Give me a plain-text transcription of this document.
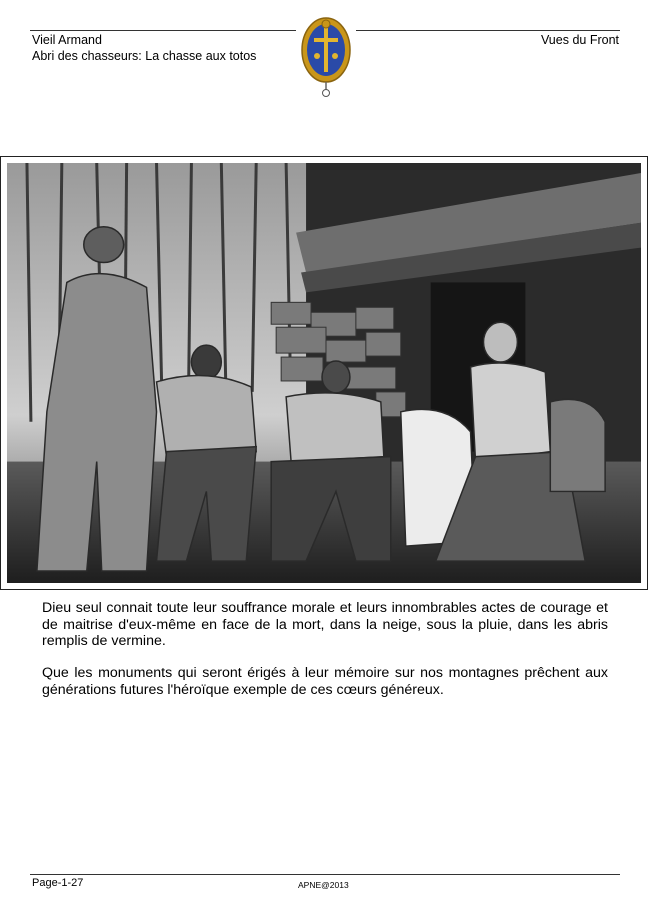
Vieil Armand
Abri des chasseurs: La chasse aux totos
Vues du Front
Dieu seul connait toute leur souffrance morale et leurs innombrables actes de courage et de maitrise d'eux-même en face de la mort, dans la neige, sous la pluie, dans les abris remplis de vermine.
Que les monuments qui seront érigés à leur mémoire sur nos montagnes prêchent aux générations futures l'héroïque exemple de ces cœurs généreux.
Page-1-27	APNE@2013
